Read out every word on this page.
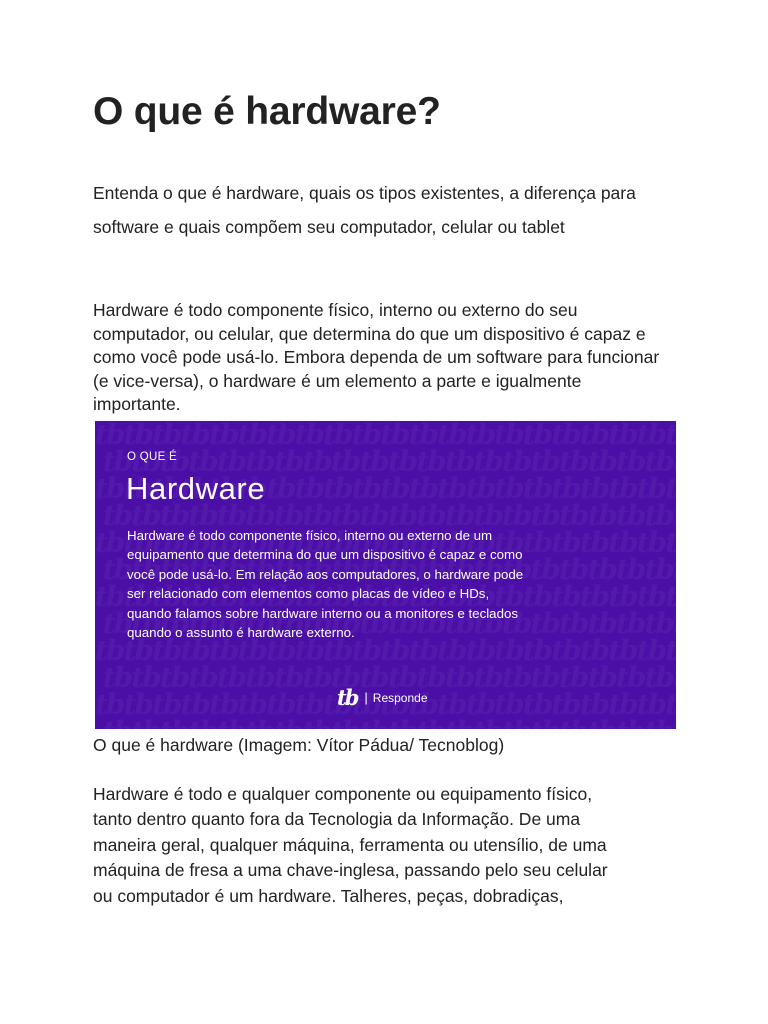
O que é hardware?

Entenda o que é hardware, quais os tipos existentes, a diferença para
software e quais compõem seu computador, celular ou tablet

Hardware é todo componente físico, interno ou externo do seu
computador, ou celular, que determina do que um dispositivo é capaz e
como você pode usá-lo. Embora dependa de um software para funcionar
(e vice-versa), o hardware é um elemento a parte e igualmente
importante.

O QUE É
Hardware
Hardware é todo componente físico, interno ou externo de um
equipamento que determina do que um dispositivo é capaz e como
você pode usá-lo. Em relação aos computadores, o hardware pode
ser relacionado com elementos como placas de vídeo e HDs,
quando falamos sobre hardware interno ou a monitores e teclados
quando o assunto é hardware externo.
tb | Responde

O que é hardware (Imagem: Vítor Pádua/ Tecnoblog)

Hardware é todo e qualquer componente ou equipamento físico,
tanto dentro quanto fora da Tecnologia da Informação. De uma
maneira geral, qualquer máquina, ferramenta ou utensílio, de uma
máquina de fresa a uma chave-inglesa, passando pelo seu celular
ou computador é um hardware. Talheres, peças, dobradiças,
